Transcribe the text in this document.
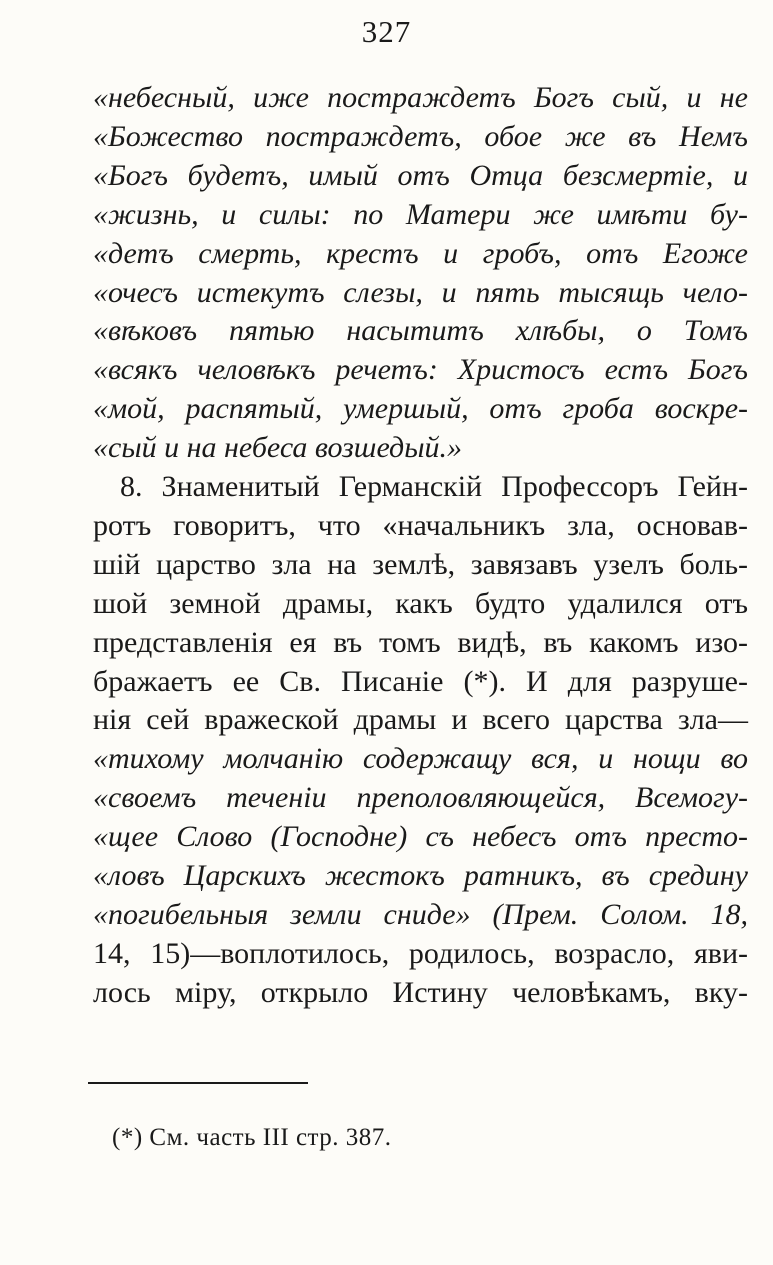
327
«небесный, иже постраждетъ Богъ сый, и не
«Божество постраждетъ, обое же въ Немъ
«Богъ будетъ, имый отъ Отца безсмертіе, и
«жизнь, и силы: по Матери же имѣти бу-
«детъ смерть, крестъ и гробъ, отъ Егоже
«очесъ истекутъ слезы, и пять тысящь чело-
«вѣковъ пятью насытитъ хлѣбы, о Томъ
«всякъ человѣкъ речетъ: Христосъ естъ Богъ
«мой, распятый, умершый, отъ гроба воскре-
«сый и на небеса возшедый.»
8. Знаменитый Германскій Профессоръ Гейн-
ротъ говоритъ, что «начальникъ зла, основав-
шій царство зла на землѣ, завязавъ узелъ боль-
шой земной драмы, какъ будто удалился отъ
представленія ея въ томъ видѣ, въ какомъ изо-
бражаетъ ее Св. Писаніе (*). И для разруше-
нія сей вражеской драмы и всего царства зла—
«тихому молчанію содержащу вся, и нощи во
«своемъ теченіи преполовляющейся, Всемогу-
«щее Слово (Господне) съ небесъ отъ престо-
«ловъ Царскихъ жестокъ ратникъ, въ средину
«погибельныя земли сниде» (Прем. Солом. 18,
14, 15)—воплотилось, родилось, возрасло, яви-
лось міру, открыло Истину человѣкамъ, вку-
(*) См. часть III стр. 387.
